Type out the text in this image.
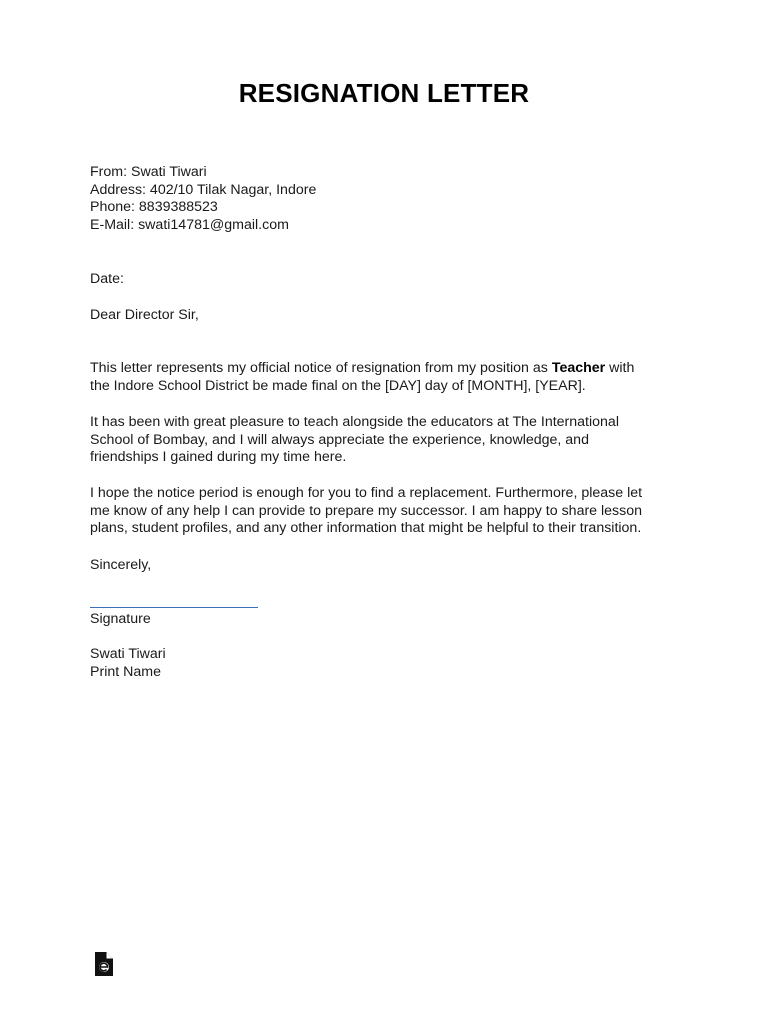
RESIGNATION LETTER
From: Swati Tiwari
Address: 402/10 Tilak Nagar, Indore
Phone: 8839388523
E-Mail: swati14781@gmail.com
Date:
Dear Director Sir,
This letter represents my official notice of resignation from my position as Teacher with
the Indore School District be made final on the [DAY] day of [MONTH], [YEAR].
It has been with great pleasure to teach alongside the educators at The International
School of Bombay, and I will always appreciate the experience, knowledge, and
friendships I gained during my time here.
I hope the notice period is enough for you to find a replacement. Furthermore, please let
me know of any help I can provide to prepare my successor. I am happy to share lesson
plans, student profiles, and any other information that might be helpful to their transition.
Sincerely,
Signature
Swati Tiwari
Print Name
